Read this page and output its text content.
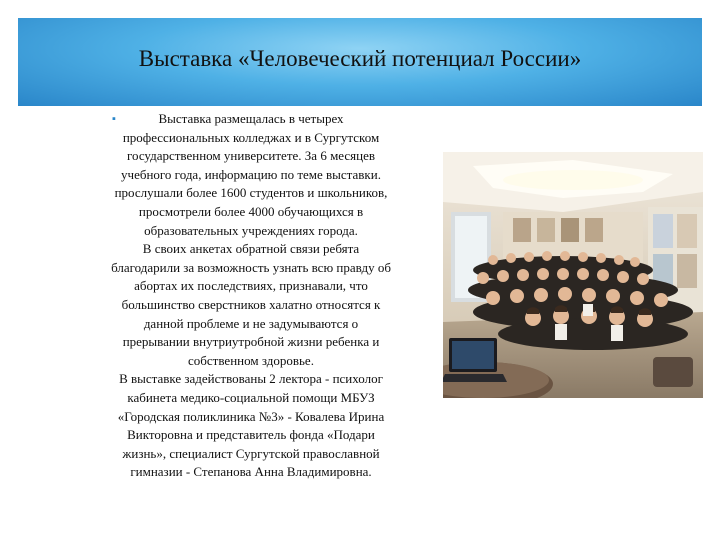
Выставка «Человеческий потенциал России»
▪	Выставка размещалась в четырех
профессиональных колледжах и в Сургутском
государственном университете. За 6 месяцев
учебного года, информацию по теме выставки.
прослушали более 1600 студентов и школьников,
просмотрели более 4000 обучающихся в
образовательных учреждениях города.
В своих анкетах обратной связи ребята
благодарили за возможность узнать всю правду об
абортах их последствиях, признавали, что
большинство сверстников халатно относятся к
данной проблеме и не задумываются о
прерывании внутриутробной жизни ребенка и
собственном здоровье.
В выставке задействованы 2 лектора - психолог
кабинета медико-социальной помощи МБУЗ
«Городская поликлиника №3» - Ковалева Ирина
Викторовна и представитель фонда «Подари
жизнь», специалист Сургутской православной
гимназии - Степанова Анна Владимировна.
